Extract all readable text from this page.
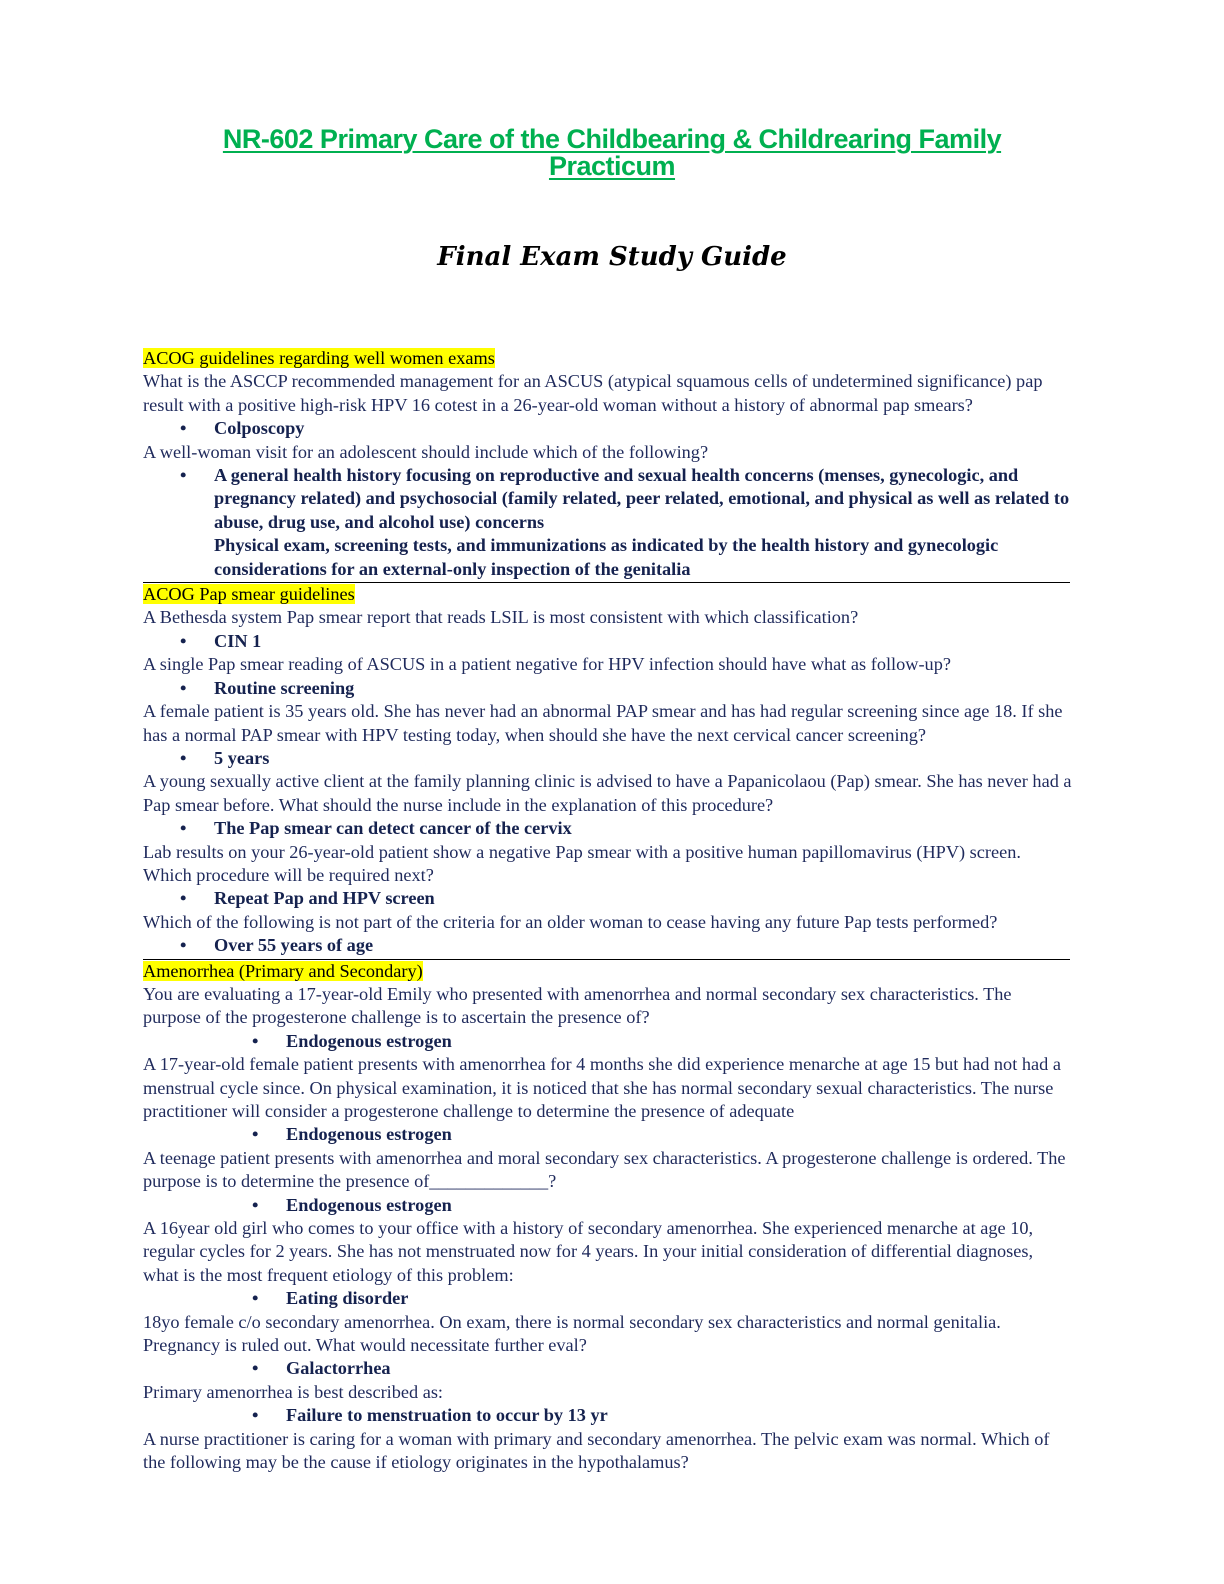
NR-602 Primary Care of the Childbearing & Childrearing Family
Practicum
Final Exam Study Guide
ACOG guidelines regarding well women exams
What is the ASCCP recommended management for an ASCUS (atypical squamous cells of undetermined significance) pap result with a positive high-risk HPV 16 cotest in a 26-year-old woman without a history of abnormal pap smears?
• Colposcopy
A well-woman visit for an adolescent should include which of the following?
• A general health history focusing on reproductive and sexual health concerns (menses, gynecologic, and pregnancy related) and psychosocial (family related, peer related, emotional, and physical as well as related to abuse, drug use, and alcohol use) concerns
Physical exam, screening tests, and immunizations as indicated by the health history and gynecologic considerations for an external-only inspection of the genitalia
ACOG Pap smear guidelines
A Bethesda system Pap smear report that reads LSIL is most consistent with which classification?
• CIN 1
A single Pap smear reading of ASCUS in a patient negative for HPV infection should have what as follow-up?
• Routine screening
A female patient is 35 years old. She has never had an abnormal PAP smear and has had regular screening since age 18. If she has a normal PAP smear with HPV testing today, when should she have the next cervical cancer screening?
• 5 years
A young sexually active client at the family planning clinic is advised to have a Papanicolaou (Pap) smear. She has never had a Pap smear before. What should the nurse include in the explanation of this procedure?
• The Pap smear can detect cancer of the cervix
Lab results on your 26-year-old patient show a negative Pap smear with a positive human papillomavirus (HPV) screen. Which procedure will be required next?
• Repeat Pap and HPV screen
Which of the following is not part of the criteria for an older woman to cease having any future Pap tests performed?
• Over 55 years of age
Amenorrhea (Primary and Secondary)
You are evaluating a 17-year-old Emily who presented with amenorrhea and normal secondary sex characteristics. The purpose of the progesterone challenge is to ascertain the presence of?
• Endogenous estrogen
A 17-year-old female patient presents with amenorrhea for 4 months she did experience menarche at age 15 but had not had a menstrual cycle since. On physical examination, it is noticed that she has normal secondary sexual characteristics. The nurse practitioner will consider a progesterone challenge to determine the presence of adequate
• Endogenous estrogen
A teenage patient presents with amenorrhea and moral secondary sex characteristics. A progesterone challenge is ordered. The purpose is to determine the presence of_____________?
• Endogenous estrogen
A 16year old girl who comes to your office with a history of secondary amenorrhea. She experienced menarche at age 10, regular cycles for 2 years. She has not menstruated now for 4 years. In your initial consideration of differential diagnoses, what is the most frequent etiology of this problem:
• Eating disorder
18yo female c/o secondary amenorrhea. On exam, there is normal secondary sex characteristics and normal genitalia. Pregnancy is ruled out. What would necessitate further eval?
• Galactorrhea
Primary amenorrhea is best described as:
• Failure to menstruation to occur by 13 yr
A nurse practitioner is caring for a woman with primary and secondary amenorrhea. The pelvic exam was normal. Which of the following may be the cause if etiology originates in the hypothalamus?
